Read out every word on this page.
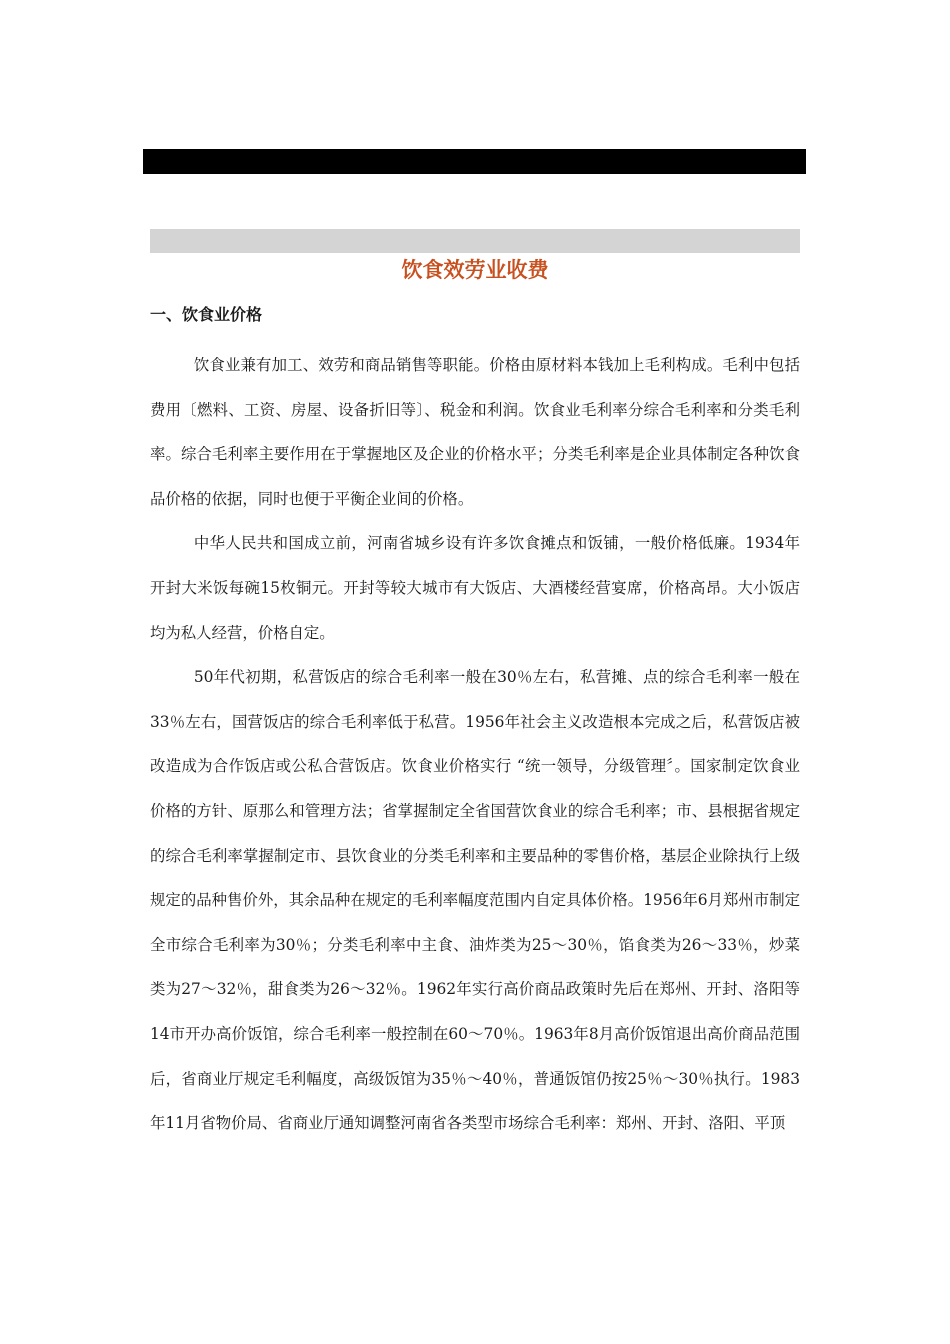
饮食效劳业收费
一、饮食业价格

饮食业兼有加工、效劳和商品销售等职能。价格由原材料本钱加上毛利构成。毛利中包括费用〔燃料、工资、房屋、设备折旧等〕、税金和利润。饮食业毛利率分综合毛利率和分类毛利率。综合毛利率主要作用在于掌握地区及企业的价格水平；分类毛利率是企业具体制定各种饮食品价格的依据，同时也便于平衡企业间的价格。

中华人民共和国成立前，河南省城乡设有许多饮食摊点和饭铺，一般价格低廉。1934年开封大米饭每碗15枚铜元。开封等较大城市有大饭店、大酒楼经营宴席，价格高昂。大小饭店均为私人经营，价格自定。

50年代初期，私营饭店的综合毛利率一般在30％左右，私营摊、点的综合毛利率一般在33％左右，国营饭店的综合毛利率低于私营。1956年社会主义改造根本完成之后，私营饭店被改造成为合作饭店或公私合营饭店。饮食业价格实行 “统一领导，分级管理〞。国家制定饮食业价格的方针、原那么和管理方法；省掌握制定全省国营饮食业的综合毛利率；市、县根据省规定的综合毛利率掌握制定市、县饮食业的分类毛利率和主要品种的零售价格，基层企业除执行上级规定的品种售价外，其余品种在规定的毛利率幅度范围内自定具体价格。1956年6月郑州市制定全市综合毛利率为30％；分类毛利率中主食、油炸类为25～30％，馅食类为26～33％，炒菜类为27～32％，甜食类为26～32％。1962年实行高价商品政策时先后在郑州、开封、洛阳等14市开办高价饭馆，综合毛利率一般控制在60～70％。1963年8月高价饭馆退出高价商品范围后，省商业厅规定毛利幅度，高级饭馆为35％～40％，普通饭馆仍按25％～30％执行。1983年11月省物价局、省商业厅通知调整河南省各类型市场综合毛利率：郑州、开封、洛阳、平顶
